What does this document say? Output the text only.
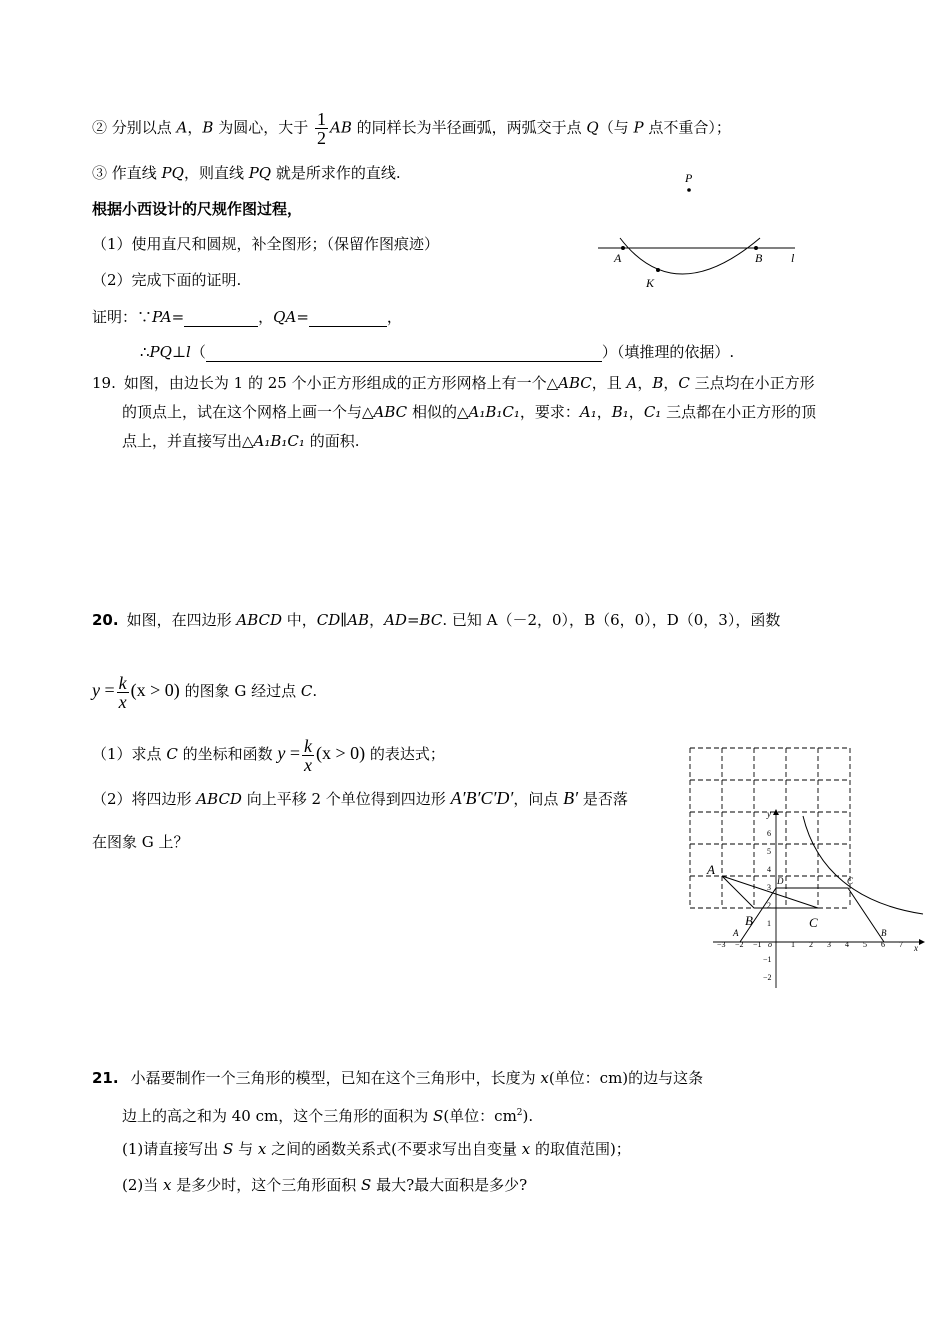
② 分别以点 A，B 为圆心，大于 $\frac{1}{2}$ AB 的同样长为半径画弧，两弧交于点 Q（与 P 点不重合）；
③ 作直线 PQ，则直线 PQ 就是所求作的直线.
根据小西设计的尺规作图过程，
（1）使用直尺和圆规，补全图形；（保留作图痕迹）
（2）完成下面的证明.
证明：∵PA=	，QA=	，
∴PQ⊥l（	）（填推理的依据）.
P
A	B l
K
19. 如图，由边长为 1 的 25 个小正方形组成的正方形网格上有一个△ABC，且 A，B，C 三点均在小正方形
的顶点上，试在这个网格上画一个与△ABC 相似的△A₁B₁C₁，要求：A₁，B₁，C₁ 三点都在小正方形的顶
点上，并直接写出△A₁B₁C₁ 的面积.
20. 如图，在四边形 ABCD 中，CD∥AB，AD=BC. 已知 A（－2，0），B（6，0），D（0，3），函数
$y = \frac{k}{x} (x > 0)$ 的图象 G 经过点 C.
（1）求点 C 的坐标和函数 $y = \frac{k}{x} (x > 0)$ 的表达式；
（2）将四边形 ABCD 向上平移 2 个单位得到四边形 A′B′C′D′，问点 B′ 是否落
在图象 G 上？
A
B	C
y
x
o
−3 −2 −1	1 2 3 4 5 6 7
6
5
4
3
2
1
−1
−2
D	C
A	B
21. 小磊要制作一个三角形的模型，已知在这个三角形中，长度为 x(单位：cm)的边与这条
边上的高之和为 40 cm，这个三角形的面积为 S(单位：$cm^2$).
(1)请直接写出 S 与 x 之间的函数关系式(不要求写出自变量 x 的取值范围)；
(2)当 x 是多少时，这个三角形面积 S 最大?最大面积是多少?
